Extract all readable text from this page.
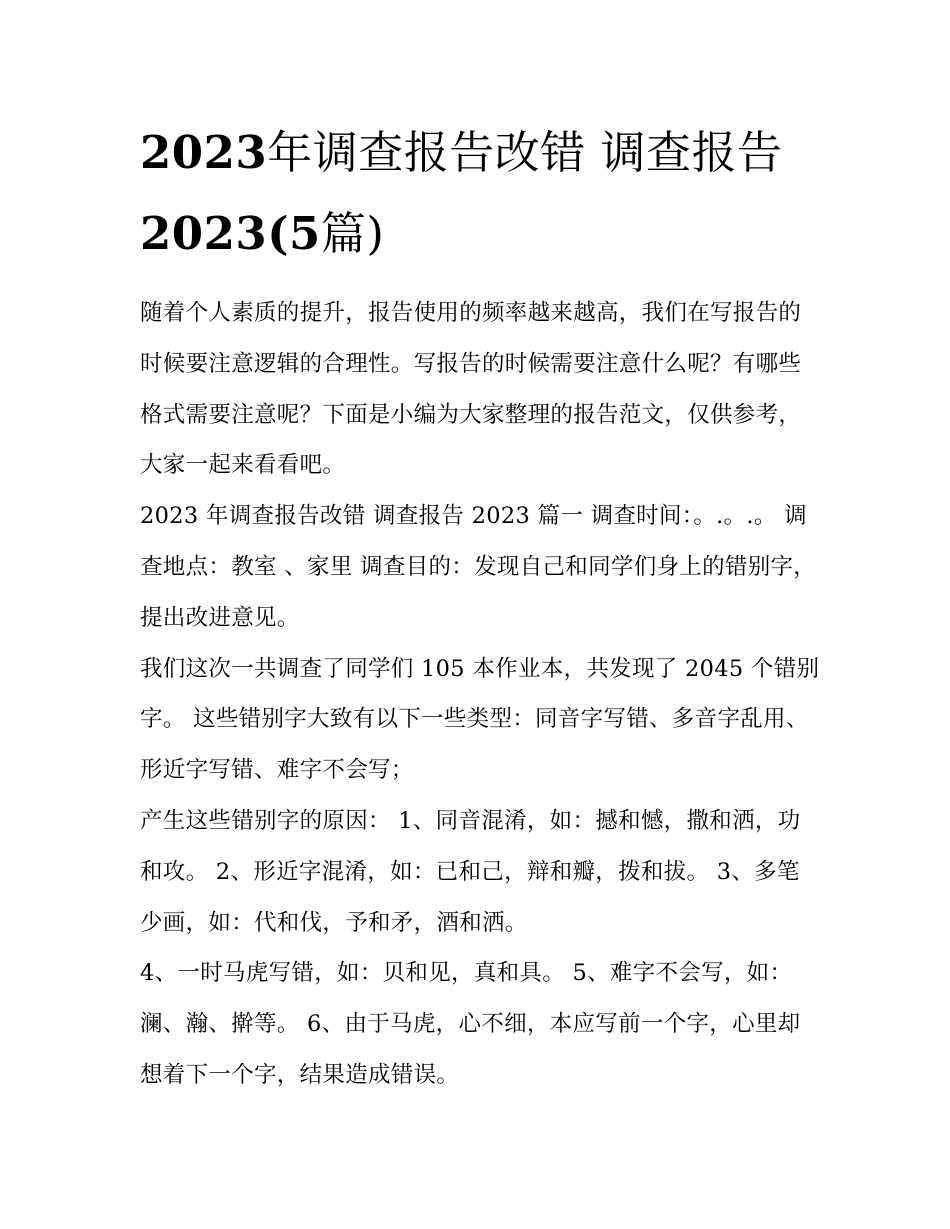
2023年调查报告改错 调查报告
2023(5篇)

随着个人素质的提升，报告使用的频率越来越高，我们在写报告的时候要注意逻辑的合理性。写报告的时候需要注意什么呢？有哪些格式需要注意呢？下面是小编为大家整理的报告范文，仅供参考，大家一起来看看吧。

2023 年调查报告改错 调查报告 2023 篇一 调查时间：。.。.。 调查地点：教室 、家里 调查目的：发现自己和同学们身上的错别字，提出改进意见。

我们这次一共调查了同学们 105 本作业本，共发现了 2045 个错别字。 这些错别字大致有以下一些类型：同音字写错、多音字乱用、形近字写错、难字不会写；

产生这些错别字的原因： 1、同音混淆，如：撼和憾，撒和洒，功和攻。 2、形近字混淆，如：已和己，辩和瓣，拨和拔。 3、多笔少画，如：代和伐，予和矛，酒和洒。

4、一时马虎写错，如：贝和见，真和具。 5、难字不会写，如：澜、瀚、擀等。 6、由于马虎，心不细，本应写前一个字，心里却想着下一个字，结果造成错误。
